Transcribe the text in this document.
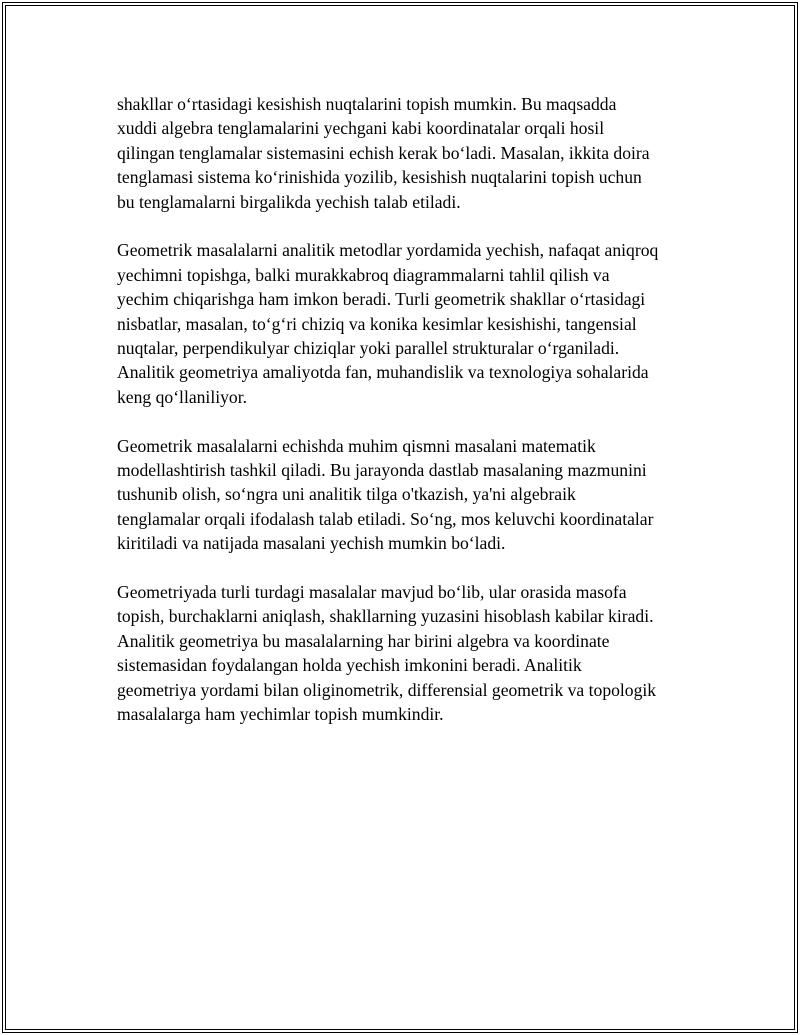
shakllar o‘rtasidagi kesishish nuqtalarini topish mumkin. Bu maqsadda
xuddi algebra tenglamalarini yechgani kabi koordinatalar orqali hosil
qilingan tenglamalar sistemasini echish kerak bo‘ladi. Masalan, ikkita doira
tenglamasi sistema ko‘rinishida yozilib, kesishish nuqtalarini topish uchun
bu tenglamalarni birgalikda yechish talab etiladi.

Geometrik masalalarni analitik metodlar yordamida yechish, nafaqat aniqroq
yechimni topishga, balki murakkabroq diagrammalarni tahlil qilish va
yechim chiqarishga ham imkon beradi. Turli geometrik shakllar o‘rtasidagi
nisbatlar, masalan, to‘g‘ri chiziq va konika kesimlar kesishishi, tangensial
nuqtalar, perpendikulyar chiziqlar yoki parallel strukturalar o‘rganiladi.
Analitik geometriya amaliyotda fan, muhandislik va texnologiya sohalarida
keng qo‘llaniliyor.

Geometrik masalalarni echishda muhim qismni masalani matematik
modellashtirish tashkil qiladi. Bu jarayonda dastlab masalaning mazmunini
tushunib olish, so‘ngra uni analitik tilga o'tkazish, ya'ni algebraik
tenglamalar orqali ifodalash talab etiladi. So‘ng, mos keluvchi koordinatalar
kiritiladi va natijada masalani yechish mumkin bo‘ladi.

Geometriyada turli turdagi masalalar mavjud bo‘lib, ular orasida masofa
topish, burchaklarni aniqlash, shakllarning yuzasini hisoblash kabilar kiradi.
Analitik geometriya bu masalalarning har birini algebra va koordinate
sistemasidan foydalangan holda yechish imkonini beradi. Analitik
geometriya yordami bilan oliginometrik, differensial geometrik va topologik
masalalarga ham yechimlar topish mumkindir.
